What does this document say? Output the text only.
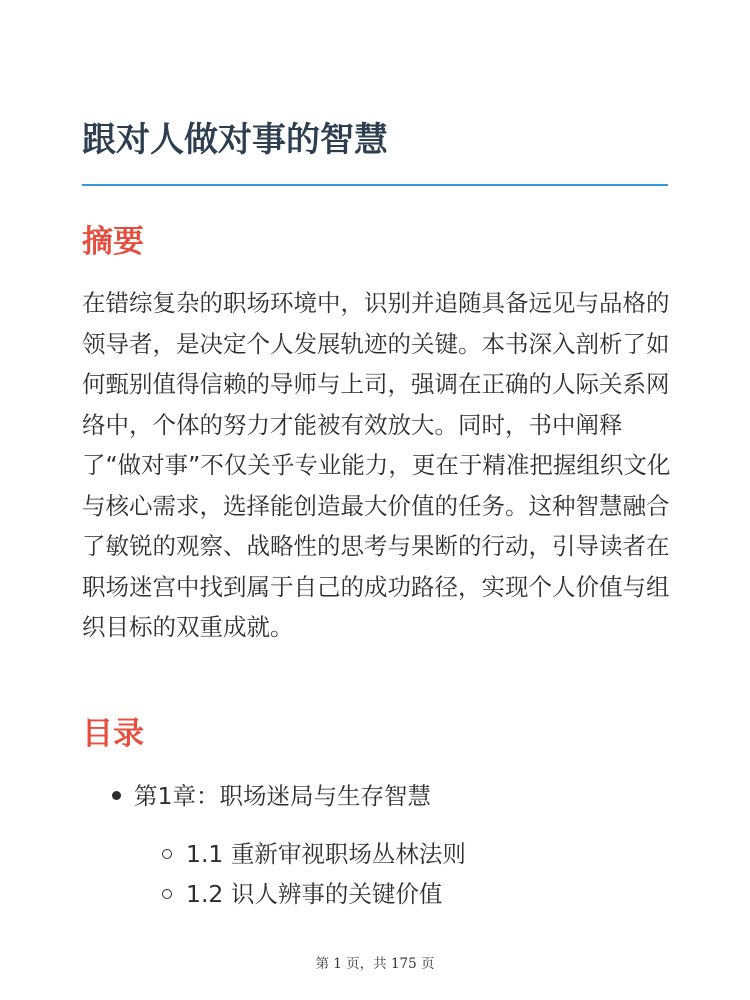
跟对人做对事的智慧
摘要

在错综复杂的职场环境中，识别并追随具备远见与品格的领导者，是决定个人发展轨迹的关键。本书深入剖析了如何甄别值得信赖的导师与上司，强调在正确的人际关系网络中，个体的努力才能被有效放大。同时，书中阐释了“做对事”不仅关乎专业能力，更在于精准把握组织文化与核心需求，选择能创造最大价值的任务。这种智慧融合了敏锐的观察、战略性的思考与果断的行动，引导读者在职场迷宫中找到属于自己的成功路径，实现个人价值与组织目标的双重成就。

目录
第1章：职场迷局与生存智慧
1.1 重新审视职场丛林法则
1.2 识人辨事的关键价值
第 1 页，共 175 页
